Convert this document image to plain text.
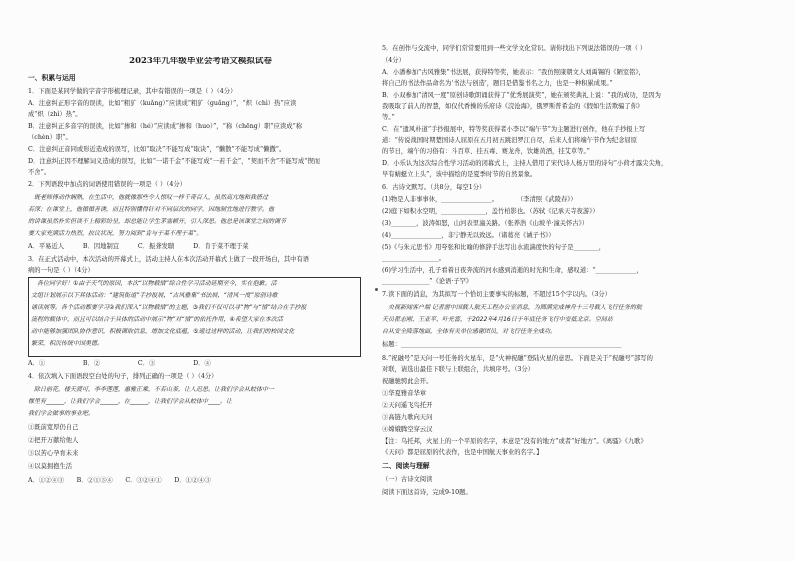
2023年九年级毕业会考语文模拟试卷
一、积累与运用
1．下面是某同学做的字音字形梳理记录，其中有错误的一项是（ ）（4分）
A．注意纠正形字音的误读，比如“粗犷（kuǎng）”应读成“粗犷（guǎng）”，“炽（chì）热”应读
成“炽（zhì）热”。
B．注意纠正多音字的误读，比如“掺和（hé）”应读成“掺和（huo）”，“称（chēng）职”应读成“称
（chèn）职”。
C．注意纠正音同或形近造成的误写，比如“取决”不能写成“取诀”，“懒散”不能写成“懒撒”。
D．注意纠正因不理解词义造成的误写，比如“一诺千金”不能写成“一若千金”，“契而不舍”不能写成“锲而
不舍”。
2．下列语段中加点的词语使用错误的一项是（ ）（4分）
　既老师傅动作娴熟，在生活中，他就像那些令人惊叹一样千奇百人，虽然高亢地和我搭过
若深；在课堂上，他循循善诱，而且特别懂得针对不同层次的同学，因地制宜地进行教学。他
的讲课虽然朴实但谈不上精彩纷呈，却总能让学生茅塞顿开，引人深思。他总是该课堂之间的调节
要大家充满活力热烈，抗议状况，努力阅到“肯与于菜不理于菜”。
A．平易近人　　　B．因地制宜　　　C．振聋发聩　　　D．肯于菜不理于菜
3．在正式活动中，本次活动的开幕式上，活动主持人在本次活动开幕式上做了一段开场白，其中有语
病的一句是（ ）（4分）
　各位同学好！①由于天气的原因，本次“以物载情”综合性学习活动延期至今，实在抱歉。活
文组计划展示以下其体活动：“建筑衔道”手抄报展、“古风雅集”书法展、“清风一度”原创诗歌
诵读展等。各个活动都要学习②我们深入“以物载情”的主题，③我们不仅可以寻“物”与“情”结合在手抄报
流程的载体中，而且可以结合于具体的活动中展示“物”对“情”的依托作用，④希望大家在本次活
动中能够加强团队协作意识，积极调取信息，增加文化底蕴，⑤通过这样的活动，让我们的校园文化
繁荣，积沉传统中国美德。
A．①　　　　　　B．②　　　　　　C．③　　　　　　D．④
4．依次填入下面语段空白处的句子，排列正确的一项是（ ）（4分）
　除日前花，楼天渡可，李李莲莲，惠雅正乘，不若山茶，让人迟思。让我们学会从蛟体中一
棵里有______，让我们学会______，在______，让我们学会从蛟体中____。让
我们学会做事的事业吧。
①既前宽厚仍自己
②把开万献给他人
③以苦心孕育未来
④以莫拥抱生活
A．①②④③　　B．②①③④　　C．③②④①　　D．①②④③
5．在创作与交流中，同学们常常要用到一些文学文化常识。请你找出下列说法错误的一项（ ）
（4分）
A．小潘参加“古风雅集”书法展，获得特等奖，她表示：“我仿照康朝文人刘禹锡的《陋室铭》，
将自己的书法作品命名为‘书法与创造’，题目是借鉴书名之力，也是一种积累成果。”
B．小双参加“清风一度”原创诗歌朗诵获得了“优秀展演奖”，她在颁奖典礼上说：“我的成功，是因为
我吸取了前人的智慧，如仅代香操的乐府诗《浣沧海》，俄罗斯普希金的《假如生活欺骗了你》
等。”
C．在“遗风朴道”手抄报展中，特等奖获得者小李以“端午节”为主题进行创作，他在手抄报上写
道：“传说战国时期楚国诗人屈原在五月初五跳汨罗江自尽，后来人们将端午节作为纪念屈原
的节日，端午的习俗有：斗百草、挂五毒、赛龙舟，饮雄黄酒，挂艾草等。”
D．小乐认为这次综合性学习活动的闭幕式上，主持人借用了宋代诗人杨万里的诗句“小荷才露尖尖角，
早有蜻蜓立上头”，该中描绘的是夏季时节的自然景象。
6．古诗文默写。（共8分，每空1分）
(1)物是人非事事休，________________。　　　　（李清照《武陵春》）
(2)庭下如积水空明，______________，盖竹柏影也。（苏轼《记承天寺夜游》）
(3)________，波涛如怒，山河表里潼关路。（张养浩《山坡羊·潼关怀古》）
(4)________________，非宁静无以致远。（诸葛亮《诫子书》）
(5)《与朱元思书》用夸张和比喻的修辞手法写出水流湍度快的句子是________，
__________________。
(6)学习生活中，孔子看着日夜奔流的河水感到消逝的时光和生命，感叹道：“_____________，
_______________”《论语·子罕》
7.读下面的消息，为其拟写一个恰切主要事实的标题，不超过15个字以内。（3分）
　央视新闻客户端 记者游中国载人航天工程办公室消息，为圆满完成神舟十三号载人飞行任务的航
天员翟志刚、王亚平、叶光富，于2022年4月16日于年底任务飞行中安抵北京。空间站
自从安全降落地面，全体有关单位感谢团员，对飞行任务全成功。
标题：______________________________________________________________________
8.“祝融号”是天问一号任务的火星车，是“火神祝融”登陆火星的意思。下面是关于“祝融号”部写的
对联，请选出最佳下联与上联组合，共填序号。（3分）
祝融驰骋此会开。
①华夏雅音华章
②天问遥飞鸟托开
③高链九歌向天问
④嫦娥腾空穿云汉
【注：乌托邦，火星上的一个平原的名字，本意是“没有的地方”或者“好地方”。《离骚》《九歌》
《天问》都是屈原的代表作，也是中国航天事业的名字。】
二、阅读与理解
（一）古诗文阅读
阅读下面这首诗，完成9-10题。
